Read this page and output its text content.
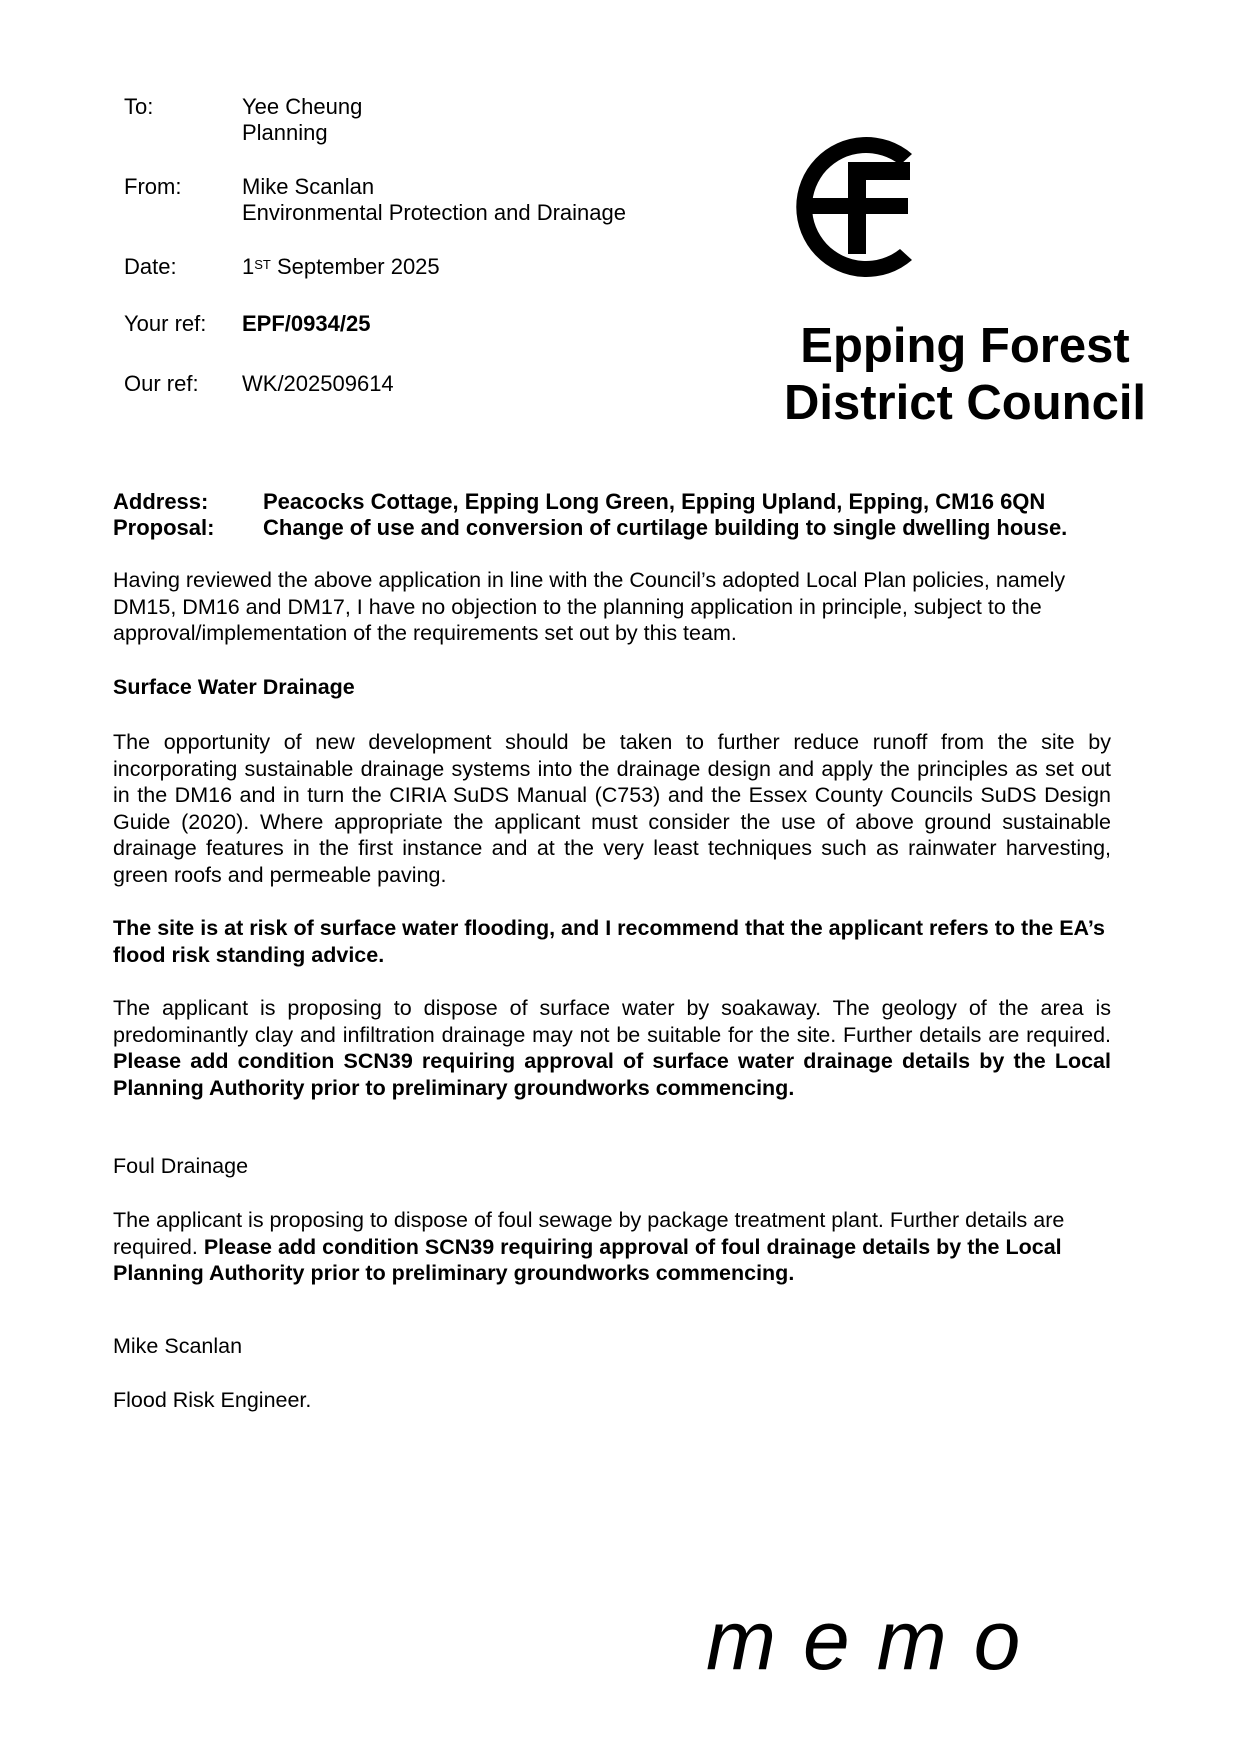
To:	Yee Cheung
Planning
From:	Mike Scanlan
Environmental Protection and Drainage
Date:	1ST September 2025
Your ref:	EPF/0934/25
Our ref:	WK/202509614
Epping Forest
District Council
Address: Peacocks Cottage, Epping Long Green, Epping Upland, Epping, CM16 6QN
Proposal: Change of use and conversion of curtilage building to single dwelling house.
Having reviewed the above application in line with the Council’s adopted Local Plan policies, namely DM15, DM16 and DM17, I have no objection to the planning application in principle, subject to the approval/implementation of the requirements set out by this team.
Surface Water Drainage
The opportunity of new development should be taken to further reduce runoff from the site by incorporating sustainable drainage systems into the drainage design and apply the principles as set out in the DM16 and in turn the CIRIA SuDS Manual (C753) and the Essex County Councils SuDS Design Guide (2020). Where appropriate the applicant must consider the use of above ground sustainable drainage features in the first instance and at the very least techniques such as rainwater harvesting, green roofs and permeable paving.
The site is at risk of surface water flooding, and I recommend that the applicant refers to the EA’s flood risk standing advice.
The applicant is proposing to dispose of surface water by soakaway. The geology of the area is predominantly clay and infiltration drainage may not be suitable for the site. Further details are required. Please add condition SCN39 requiring approval of surface water drainage details by the Local Planning Authority prior to preliminary groundworks commencing.
Foul Drainage
The applicant is proposing to dispose of foul sewage by package treatment plant. Further details are required. Please add condition SCN39 requiring approval of foul drainage details by the Local Planning Authority prior to preliminary groundworks commencing.
Mike Scanlan
Flood Risk Engineer.
memo
